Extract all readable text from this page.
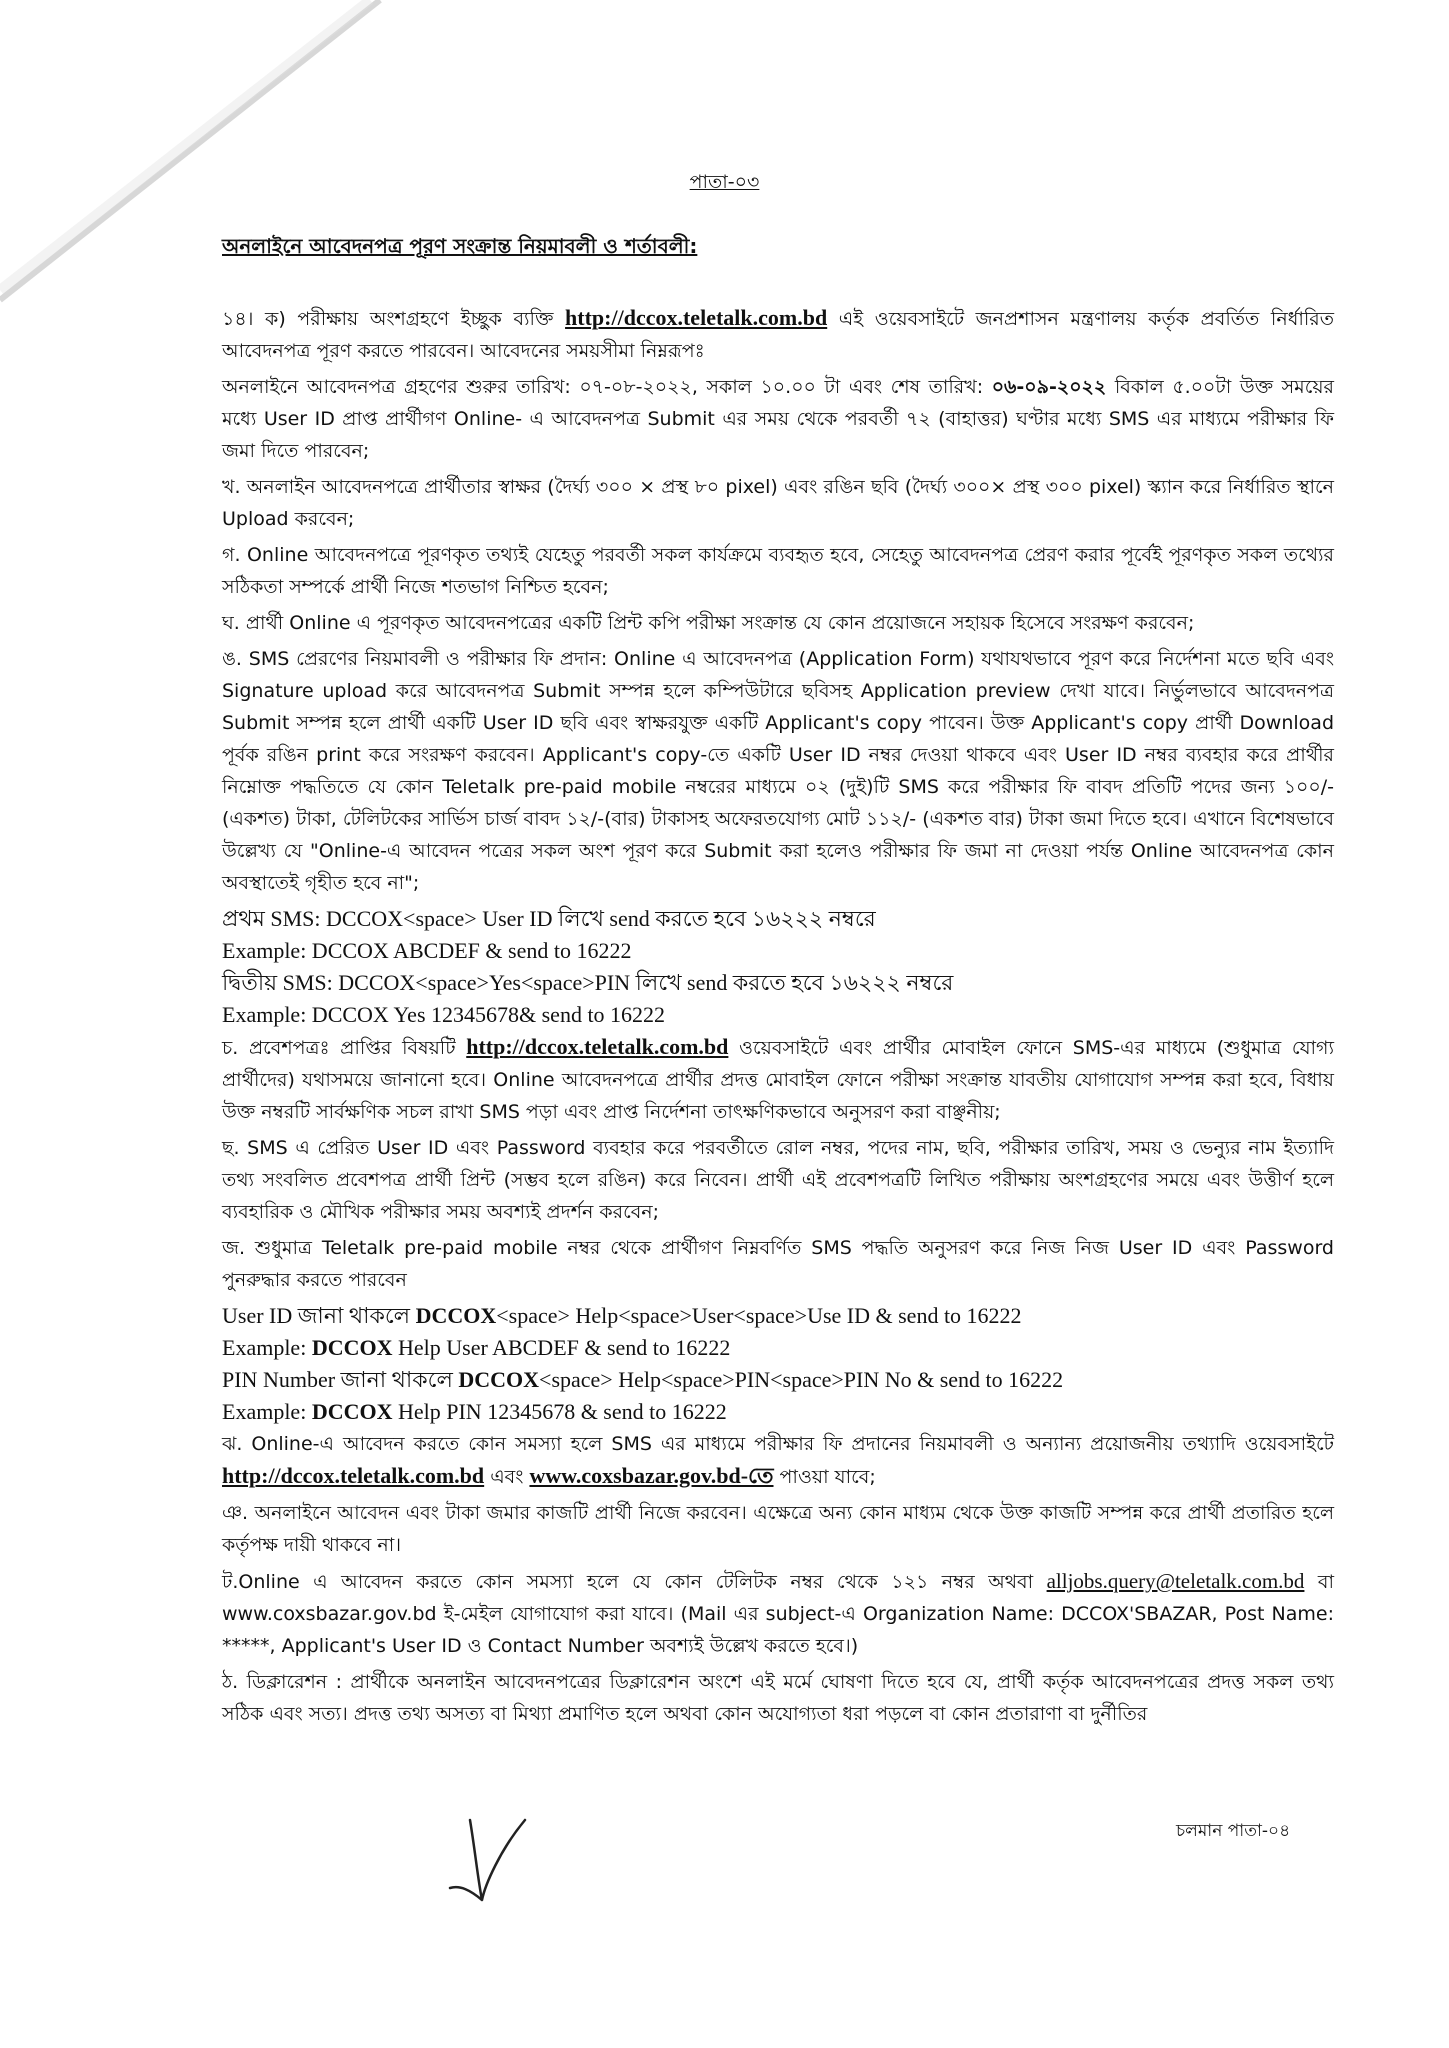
পাতা-০৩
অনলাইনে আবেদনপত্র পূরণ সংক্রান্ত নিয়মাবলী ও শর্তাবলী:

১৪। ক) পরীক্ষায় অংশগ্রহণে ইচ্ছুক ব্যক্তি http://dccox.teletalk.com.bd এই ওয়েবসাইটে জনপ্রশাসন মন্ত্রণালয় কর্তৃক প্রবর্তিত নির্ধারিত আবেদনপত্র পূরণ করতে পারবেন। আবেদনের সময়সীমা নিম্নরূপঃ

অনলাইনে আবেদনপত্র গ্রহণের শুরুর তারিখ: ০৭-০৮-২০২২, সকাল ১০.০০ টা এবং শেষ তারিখ: ০৬-০৯-২০২২ বিকাল ৫.০০টা উক্ত সময়ের মধ্যে User ID প্রাপ্ত প্রার্থীগণ Online- এ আবেদনপত্র Submit এর সময় থেকে পরবর্তী ৭২ (বাহাত্তর) ঘণ্টার মধ্যে SMS এর মাধ্যমে পরীক্ষার ফি জমা দিতে পারবেন;

খ. অনলাইন আবেদনপত্রে প্রার্থীতার স্বাক্ষর (দৈর্ঘ্য ৩০০ × প্রস্থ ৮০ pixel) এবং রঙিন ছবি (দৈর্ঘ্য ৩০০× প্রস্থ ৩০০ pixel) স্ক্যান করে নির্ধারিত স্থানে Upload করবেন;

গ. Online আবেদনপত্রে পূরণকৃত তথ্যই যেহেতু পরবর্তী সকল কার্যক্রমে ব্যবহৃত হবে, সেহেতু আবেদনপত্র প্রেরণ করার পূর্বেই পূরণকৃত সকল তথ্যের সঠিকতা সম্পর্কে প্রার্থী নিজে শতভাগ নিশ্চিত হবেন;

ঘ. প্রার্থী Online এ পূরণকৃত আবেদনপত্রের একটি প্রিন্ট কপি পরীক্ষা সংক্রান্ত যে কোন প্রয়োজনে সহায়ক হিসেবে সংরক্ষণ করবেন;

ঙ. SMS প্রেরণের নিয়মাবলী ও পরীক্ষার ফি প্রদান: Online এ আবেদনপত্র (Application Form) যথাযথভাবে পূরণ করে নির্দেশনা মতে ছবি এবং Signature upload করে আবেদনপত্র Submit সম্পন্ন হলে কম্পিউটারে ছবিসহ Application preview দেখা যাবে। নির্ভুলভাবে আবেদনপত্র Submit সম্পন্ন হলে প্রার্থী একটি User ID ছবি এবং স্বাক্ষরযুক্ত একটি Applicant's copy পাবেন। উক্ত Applicant's copy প্রার্থী Download পূর্বক রঙিন print করে সংরক্ষণ করবেন। Applicant's copy-তে একটি User ID নম্বর দেওয়া থাকবে এবং User ID নম্বর ব্যবহার করে প্রার্থীর নিম্নোক্ত পদ্ধতিতে যে কোন Teletalk pre-paid mobile নম্বরের মাধ্যমে ০২ (দুই)টি SMS করে পরীক্ষার ফি বাবদ প্রতিটি পদের জন্য ১০০/- (একশত) টাকা, টেলিটকের সার্ভিস চার্জ বাবদ ১২/-(বার) টাকাসহ অফেরতযোগ্য মোট ১১২/- (একশত বার) টাকা জমা দিতে হবে। এখানে বিশেষভাবে উল্লেখ্য যে "Online-এ আবেদন পত্রের সকল অংশ পূরণ করে Submit করা হলেও পরীক্ষার ফি জমা না দেওয়া পর্যন্ত Online আবেদনপত্র কোন অবস্থাতেই গৃহীত হবে না";

প্রথম SMS: DCCOX<space> User ID লিখে send করতে হবে ১৬২২২ নম্বরে

Example: DCCOX ABCDEF & send to 16222

দ্বিতীয় SMS: DCCOX<space>Yes<space>PIN লিখে send করতে হবে ১৬২২২ নম্বরে

Example: DCCOX Yes 12345678& send to 16222

চ. প্রবেশপত্রঃ প্রাপ্তির বিষয়টি http://dccox.teletalk.com.bd ওয়েবসাইটে এবং প্রার্থীর মোবাইল ফোনে SMS-এর মাধ্যমে (শুধুমাত্র যোগ্য প্রার্থীদের) যথাসময়ে জানানো হবে। Online আবেদনপত্রে প্রার্থীর প্রদত্ত মোবাইল ফোনে পরীক্ষা সংক্রান্ত যাবতীয় যোগাযোগ সম্পন্ন করা হবে, বিধায় উক্ত নম্বরটি সার্বক্ষণিক সচল রাখা SMS পড়া এবং প্রাপ্ত নির্দেশনা তাৎক্ষণিকভাবে অনুসরণ করা বাঞ্ছনীয়;

ছ. SMS এ প্রেরিত User ID এবং Password ব্যবহার করে পরবর্তীতে রোল নম্বর, পদের নাম, ছবি, পরীক্ষার তারিখ, সময় ও ভেন্যুর নাম ইত্যাদি তথ্য সংবলিত প্রবেশপত্র প্রার্থী প্রিন্ট (সম্ভব হলে রঙিন) করে নিবেন। প্রার্থী এই প্রবেশপত্রটি লিখিত পরীক্ষায় অংশগ্রহণের সময়ে এবং উত্তীর্ণ হলে ব্যবহারিক ও মৌখিক পরীক্ষার সময় অবশ্যই প্রদর্শন করবেন;

জ. শুধুমাত্র Teletalk pre-paid mobile নম্বর থেকে প্রার্থীগণ নিম্নবর্ণিত SMS পদ্ধতি অনুসরণ করে নিজ নিজ User ID এবং Password পুনরুদ্ধার করতে পারবেন

User ID জানা থাকলে DCCOX<space> Help<space>User<space>Use ID & send to 16222

Example: DCCOX Help User ABCDEF & send to 16222

PIN Number জানা থাকলে DCCOX<space> Help<space>PIN<space>PIN No & send to 16222

Example: DCCOX Help PIN 12345678 & send to 16222

ঝ. Online-এ আবেদন করতে কোন সমস্যা হলে SMS এর মাধ্যমে পরীক্ষার ফি প্রদানের নিয়মাবলী ও অন্যান্য প্রয়োজনীয় তথ্যাদি ওয়েবসাইটে http://dccox.teletalk.com.bd এবং www.coxsbazar.gov.bd-তে পাওয়া যাবে;

ঞ. অনলাইনে আবেদন এবং টাকা জমার কাজটি প্রার্থী নিজে করবেন। এক্ষেত্রে অন্য কোন মাধ্যম থেকে উক্ত কাজটি সম্পন্ন করে প্রার্থী প্রতারিত হলে কর্তৃপক্ষ দায়ী থাকবে না।

ট.Online এ আবেদন করতে কোন সমস্যা হলে যে কোন টেলিটক নম্বর থেকে ১২১ নম্বর অথবা alljobs.query@teletalk.com.bd বা www.coxsbazar.gov.bd ই-মেইল যোগাযোগ করা যাবে। (Mail এর subject-এ Organization Name: DCCOX'SBAZAR, Post Name: *****, Applicant's User ID ও Contact Number অবশ্যই উল্লেখ করতে হবে।)

ঠ. ডিক্লারেশন : প্রার্থীকে অনলাইন আবেদনপত্রের ডিক্লারেশন অংশে এই মর্মে ঘোষণা দিতে হবে যে, প্রার্থী কর্তৃক আবেদনপত্রের প্রদত্ত সকল তথ্য সঠিক এবং সত্য। প্রদত্ত তথ্য অসত্য বা মিথ্যা প্রমাণিত হলে অথবা কোন অযোগ্যতা ধরা পড়লে বা কোন প্রতারাণা বা দুর্নীতির

চলমান পাতা-০৪
